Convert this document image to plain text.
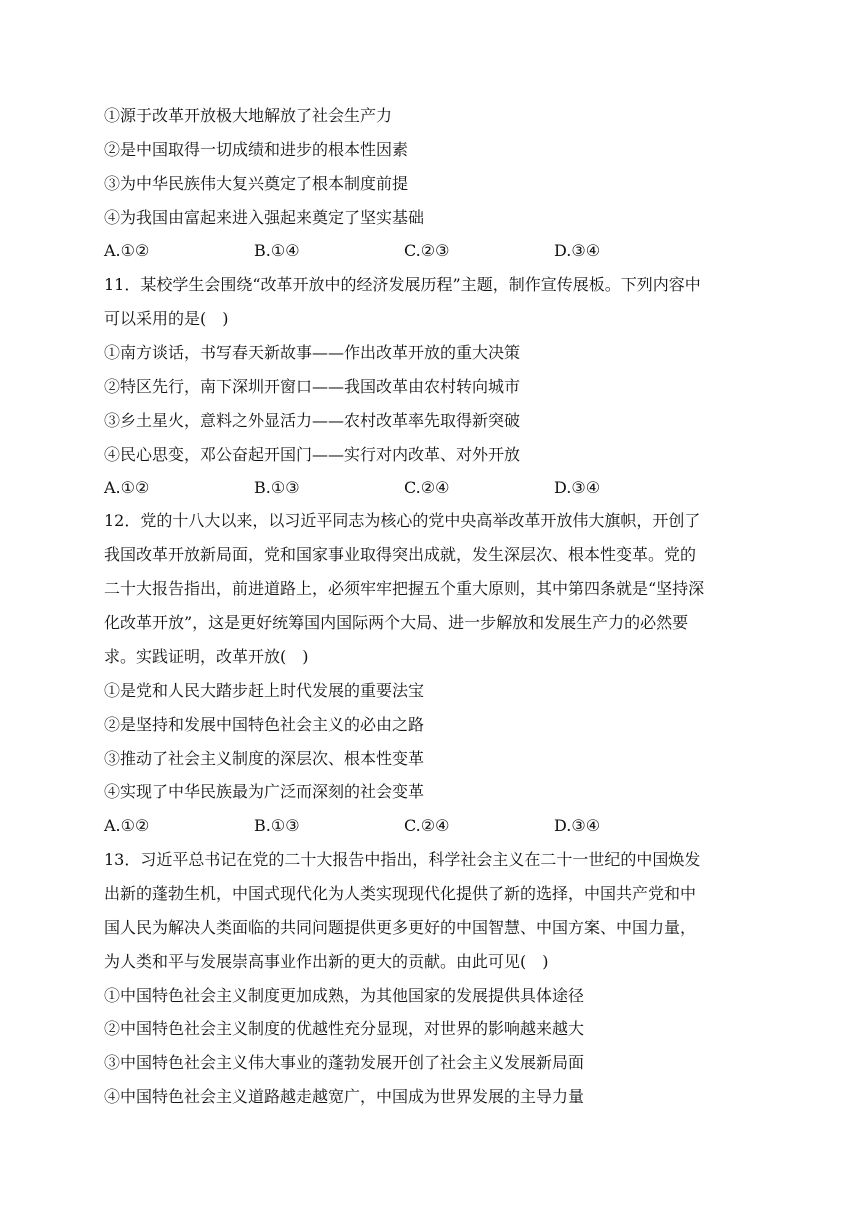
①源于改革开放极大地解放了社会生产力
②是中国取得一切成绩和进步的根本性因素
③为中华民族伟大复兴奠定了根本制度前提
④为我国由富起来进入强起来奠定了坚实基础
A.①②	B.①④	C.②③	D.③④
11．某校学生会围绕“改革开放中的经济发展历程”主题，制作宣传展板。下列内容中
可以采用的是(　)
①南方谈话，书写春天新故事——作出改革开放的重大决策
②特区先行，南下深圳开窗口——我国改革由农村转向城市
③乡土星火，意料之外显活力——农村改革率先取得新突破
④民心思变，邓公奋起开国门——实行对内改革、对外开放
A.①②	B.①③	C.②④	D.③④
12．党的十八大以来，以习近平同志为核心的党中央高举改革开放伟大旗帜，开创了
我国改革开放新局面，党和国家事业取得突出成就，发生深层次、根本性变革。党的
二十大报告指出，前进道路上，必须牢牢把握五个重大原则，其中第四条就是“坚持深
化改革开放”，这是更好统筹国内国际两个大局、进一步解放和发展生产力的必然要
求。实践证明，改革开放(　)
①是党和人民大踏步赶上时代发展的重要法宝
②是坚持和发展中国特色社会主义的必由之路
③推动了社会主义制度的深层次、根本性变革
④实现了中华民族最为广泛而深刻的社会变革
A.①②	B.①③	C.②④	D.③④
13．习近平总书记在党的二十大报告中指出，科学社会主义在二十一世纪的中国焕发
出新的蓬勃生机，中国式现代化为人类实现现代化提供了新的选择，中国共产党和中
国人民为解决人类面临的共同问题提供更多更好的中国智慧、中国方案、中国力量，
为人类和平与发展崇高事业作出新的更大的贡献。由此可见(　)
①中国特色社会主义制度更加成熟，为其他国家的发展提供具体途径
②中国特色社会主义制度的优越性充分显现，对世界的影响越来越大
③中国特色社会主义伟大事业的蓬勃发展开创了社会主义发展新局面
④中国特色社会主义道路越走越宽广，中国成为世界发展的主导力量
